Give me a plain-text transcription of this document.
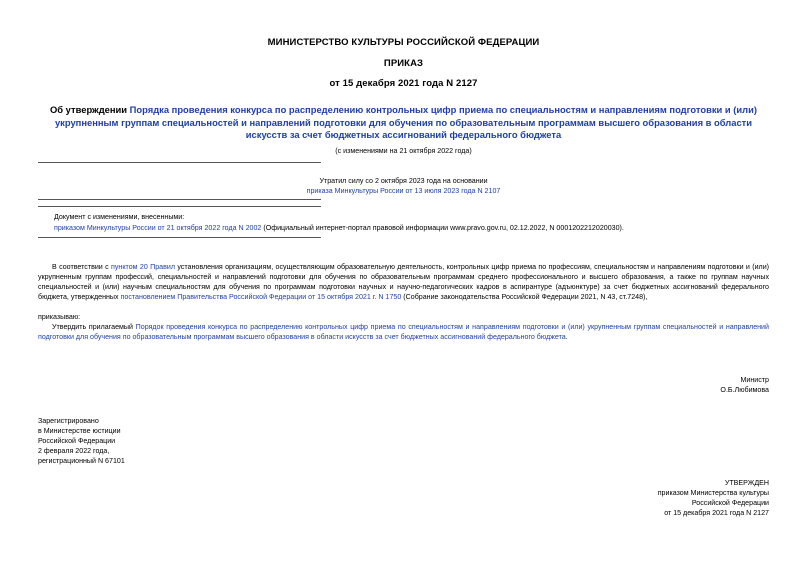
МИНИСТЕРСТВО КУЛЬТУРЫ РОССИЙСКОЙ ФЕДЕРАЦИИ
ПРИКАЗ
от 15 декабря 2021 года N 2127
Об утверждении Порядка проведения конкурса по распределению контрольных цифр приема по специальностям и направлениям подготовки и (или) укрупненным группам специальностей и направлений подготовки для обучения по образовательным программам высшего образования в области искусств за счет бюджетных ассигнований федерального бюджета
(с изменениями на 21 октября 2022 года)
Утратил силу со 2 октября 2023 года на основании
приказа Минкультуры России от 13 июля 2023 года N 2107
Документ с изменениями, внесенными:
приказом Минкультуры России от 21 октября 2022 года N 2002 (Официальный интернет-портал правовой информации www.pravo.gov.ru, 02.12.2022, N 0001202212020030).
В соответствии с пунктом 20 Правил установления организациям, осуществляющим образовательную деятельность, контрольных цифр приема по профессиям, специальностям и направлениям подготовки и (или) укрупненным группам профессий, специальностей и направлений подготовки для обучения по образовательным программам среднего профессионального и высшего образования, а также по группам научных специальностей и (или) научным специальностям для обучения по программам подготовки научных и научно-педагогических кадров в аспирантуре (адъюнктуре) за счет бюджетных ассигнований федерального бюджета, утвержденных постановлением Правительства Российской Федерации от 15 октября 2021 г. N 1750 (Собрание законодательства Российской Федерации 2021, N 43, ст.7248),
приказываю:
Утвердить прилагаемый Порядок проведения конкурса по распределению контрольных цифр приема по специальностям и направлениям подготовки и (или) укрупненным группам специальностей и направлений подготовки для обучения по образовательным программам высшего образования в области искусств за счет бюджетных ассигнований федерального бюджета.
Министр
О.Б.Любимова
Зарегистрировано
в Министерстве юстиции
Российской Федерации
2 февраля 2022 года,
регистрационный N 67101
УТВЕРЖДЕН
приказом Министерства культуры
Российской Федерации
от 15 декабря 2021 года N 2127
